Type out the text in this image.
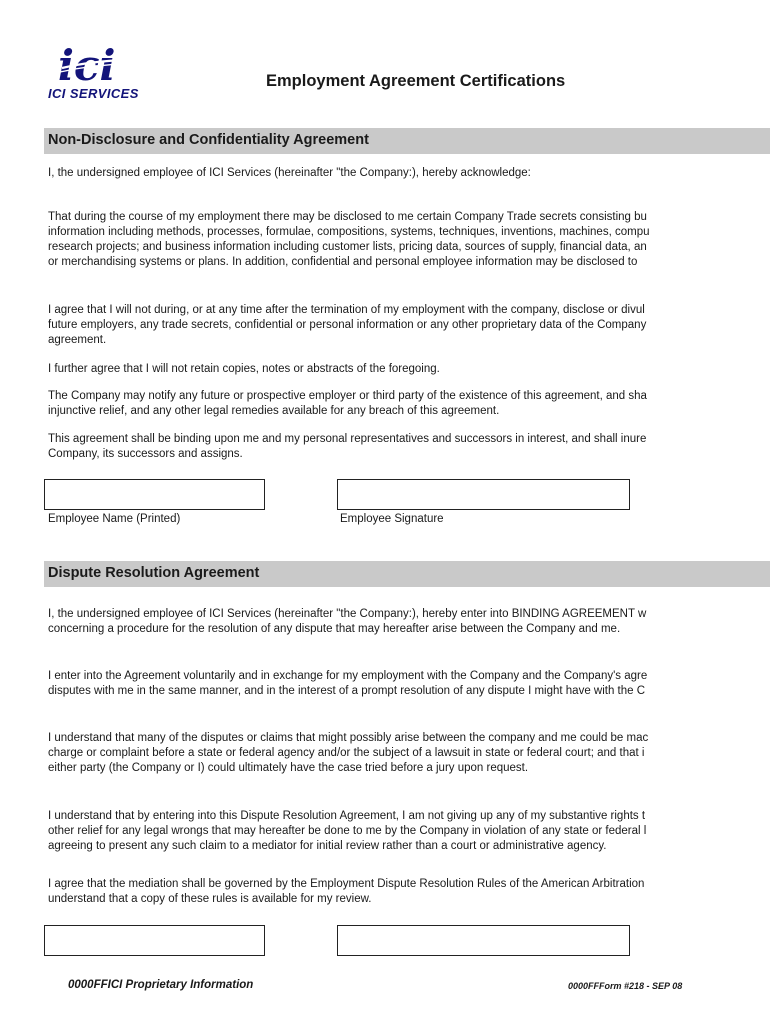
ici
ICI SERVICES
Employment Agreement Certifications
Non-Disclosure and Confidentiality Agreement
I, the undersigned employee of ICI Services (hereinafter "the Company:), hereby acknowledge:
That during the course of my employment there may be disclosed to me certain Company Trade secrets consisting bu
information including methods, processes, formulae, compositions, systems, techniques, inventions, machines, compu
research projects; and business information including customer lists, pricing data, sources of supply, financial data, an
or merchandising systems or plans. In addition, confidential and personal employee information may be disclosed to
I agree that I will not during, or at any time after the termination of my employment with the company, disclose or divul
future employers, any trade secrets, confidential or personal information or any other proprietary data of the Company
agreement.
I further agree that I will not retain copies, notes or abstracts of the foregoing.
The Company may notify any future or prospective employer or third party of the existence of this agreement, and sha
injunctive relief, and any other legal remedies available for any breach of this agreement.
This agreement shall be binding upon me and my personal representatives and successors in interest, and shall inure
Company, its successors and assigns.
Employee Name (Printed)	Employee Signature
Dispute Resolution Agreement
I, the undersigned employee of ICI Services (hereinafter "the Company:), hereby enter into BINDING AGREEMENT w
concerning a procedure for the resolution of any dispute that may hereafter arise between the Company and me.
I enter into the Agreement voluntarily and in exchange for my employment with the Company and the Company's agre
disputes with me in the same manner, and in the interest of a prompt resolution of any dispute I might have with the C
I understand that many of the disputes or claims that might possibly arise between the company and me could be mac
charge or complaint before a state or federal agency and/or the subject of a lawsuit in state or federal court; and that i
either party (the Company or I) could ultimately have the case tried before a jury upon request.
I understand that by entering into this Dispute Resolution Agreement, I am not giving up any of my substantive rights t
other relief for any legal wrongs that may hereafter be done to me by the Company in violation of any state or federal l
agreeing to present any such claim to a mediator for initial review rather than a court or administrative agency.
I agree that the mediation shall be governed by the Employment Dispute Resolution Rules of the American Arbitration
understand that a copy of these rules is available for my review.
0000FFICI Proprietary Information	0000FFForm #218 - SEP 08
